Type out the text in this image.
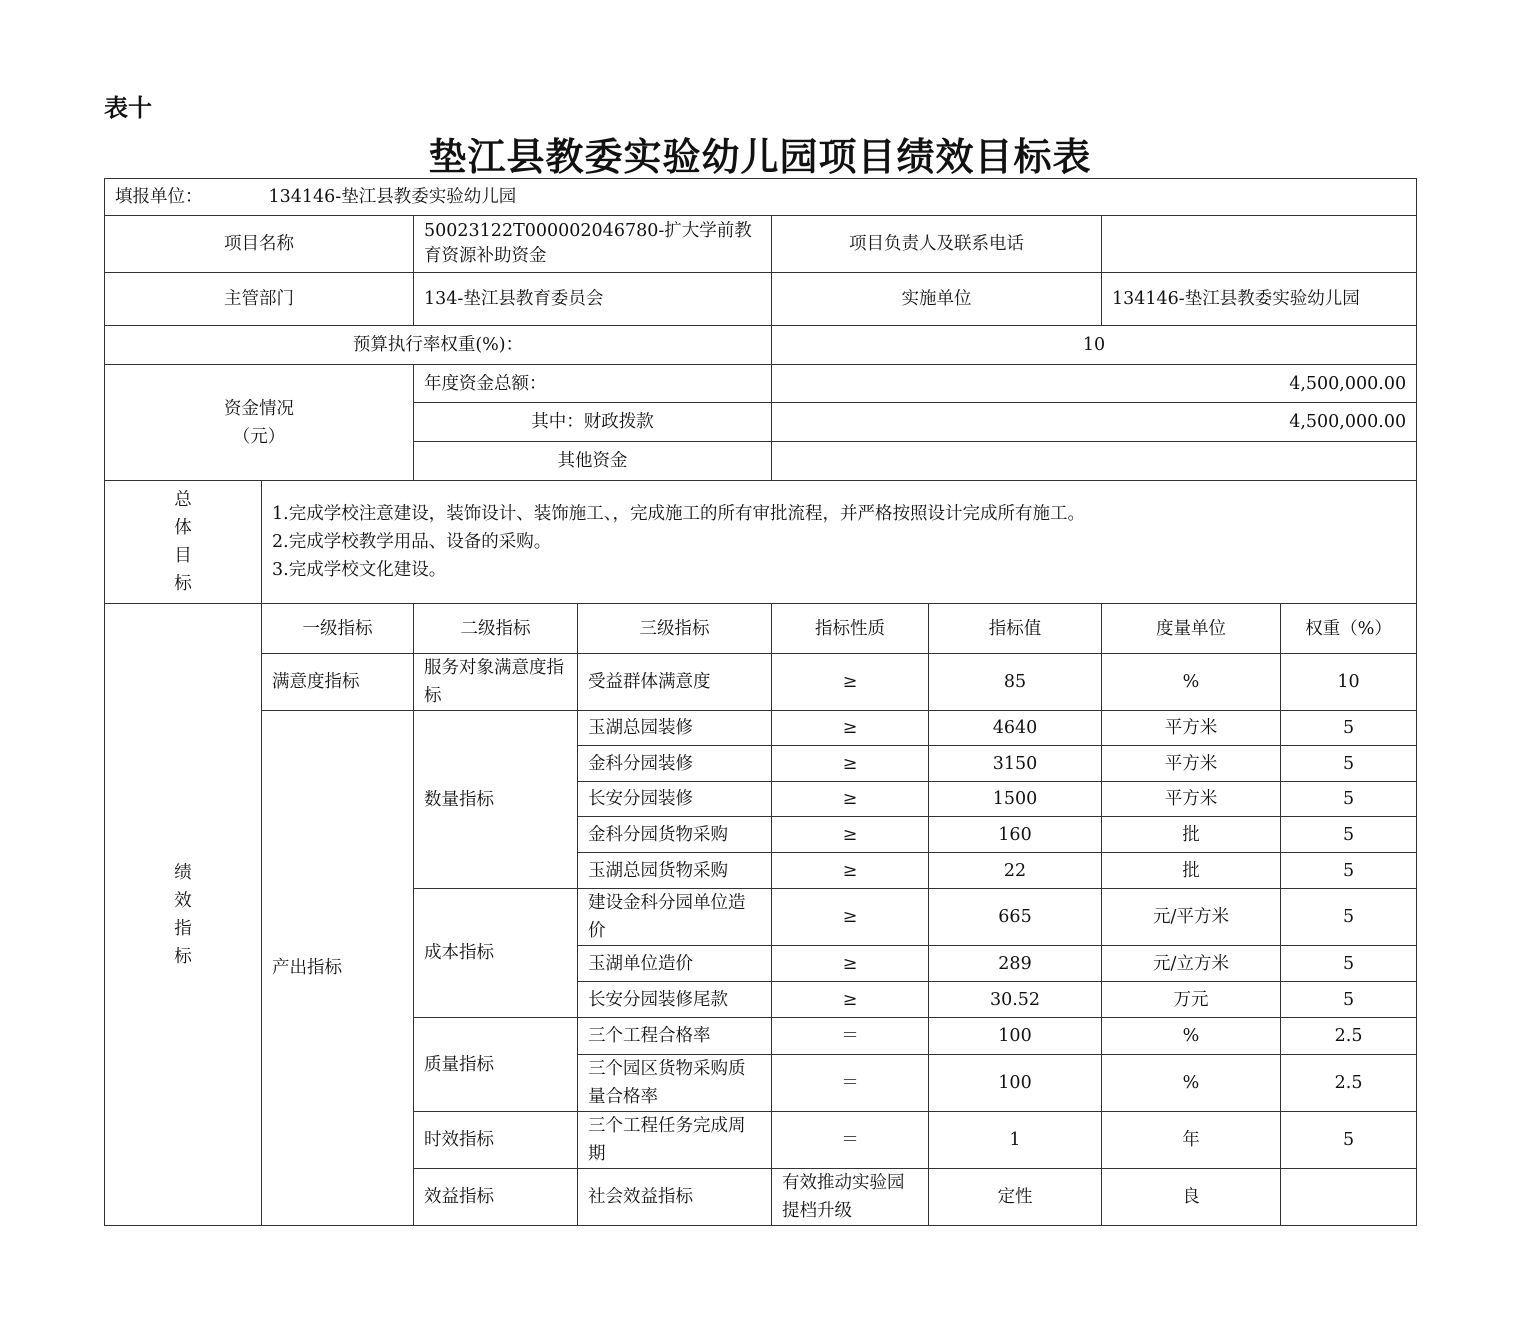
表十
垫江县教委实验幼儿园项目绩效目标表
填报单位： 134146-垫江县教委实验幼儿园								
项目名称		50023122T000002046780-扩大学前教育资源补助资金		项目负责人及联系电话				
主管部门		134-垫江县教育委员会		实施单位		134146-垫江县教委实验幼儿园		
预算执行率权重(%)：				10				

资金情况
（元）		年度资金总额：		4,500,000.00				
		其中：财政拨款		4,500,000.00				
		其他资金						

总
体
目
标	1.完成学校注意建设，装饰设计、装饰施工、，完成施工的所有审批流程，并严格按照设计完成所有施工。
2.完成学校教学用品、设备的采购。
3.完成学校文化建设。							

绩
效
指
标	一级指标	二级指标	三级指标	指标性质	指标值	度量单位	权重（%）	
	满意度指标	服务对象满意度指标	受益群体满意度	≥	85	%	10	
	产出指标	数量指标	玉湖总园装修	≥	4640	平方米	5	
			金科分园装修	≥	3150	平方米	5	
			长安分园装修	≥	1500	平方米	5	
			金科分园货物采购	≥	160	批	5	
			玉湖总园货物采购	≥	22	批	5	
		成本指标	建设金科分园单位造价	≥	665	元/平方米	5	
			玉湖单位造价	≥	289	元/立方米	5	
			长安分园装修尾款	≥	30.52	万元	5	
		质量指标	三个工程合格率	＝	100	%	2.5	
			三个园区货物采购质量合格率	＝	100	%	2.5	
		时效指标	三个工程任务完成周期	＝	1	年	5	
		效益指标	社会效益指标	有效推动实验园提档升级	定性	良		
